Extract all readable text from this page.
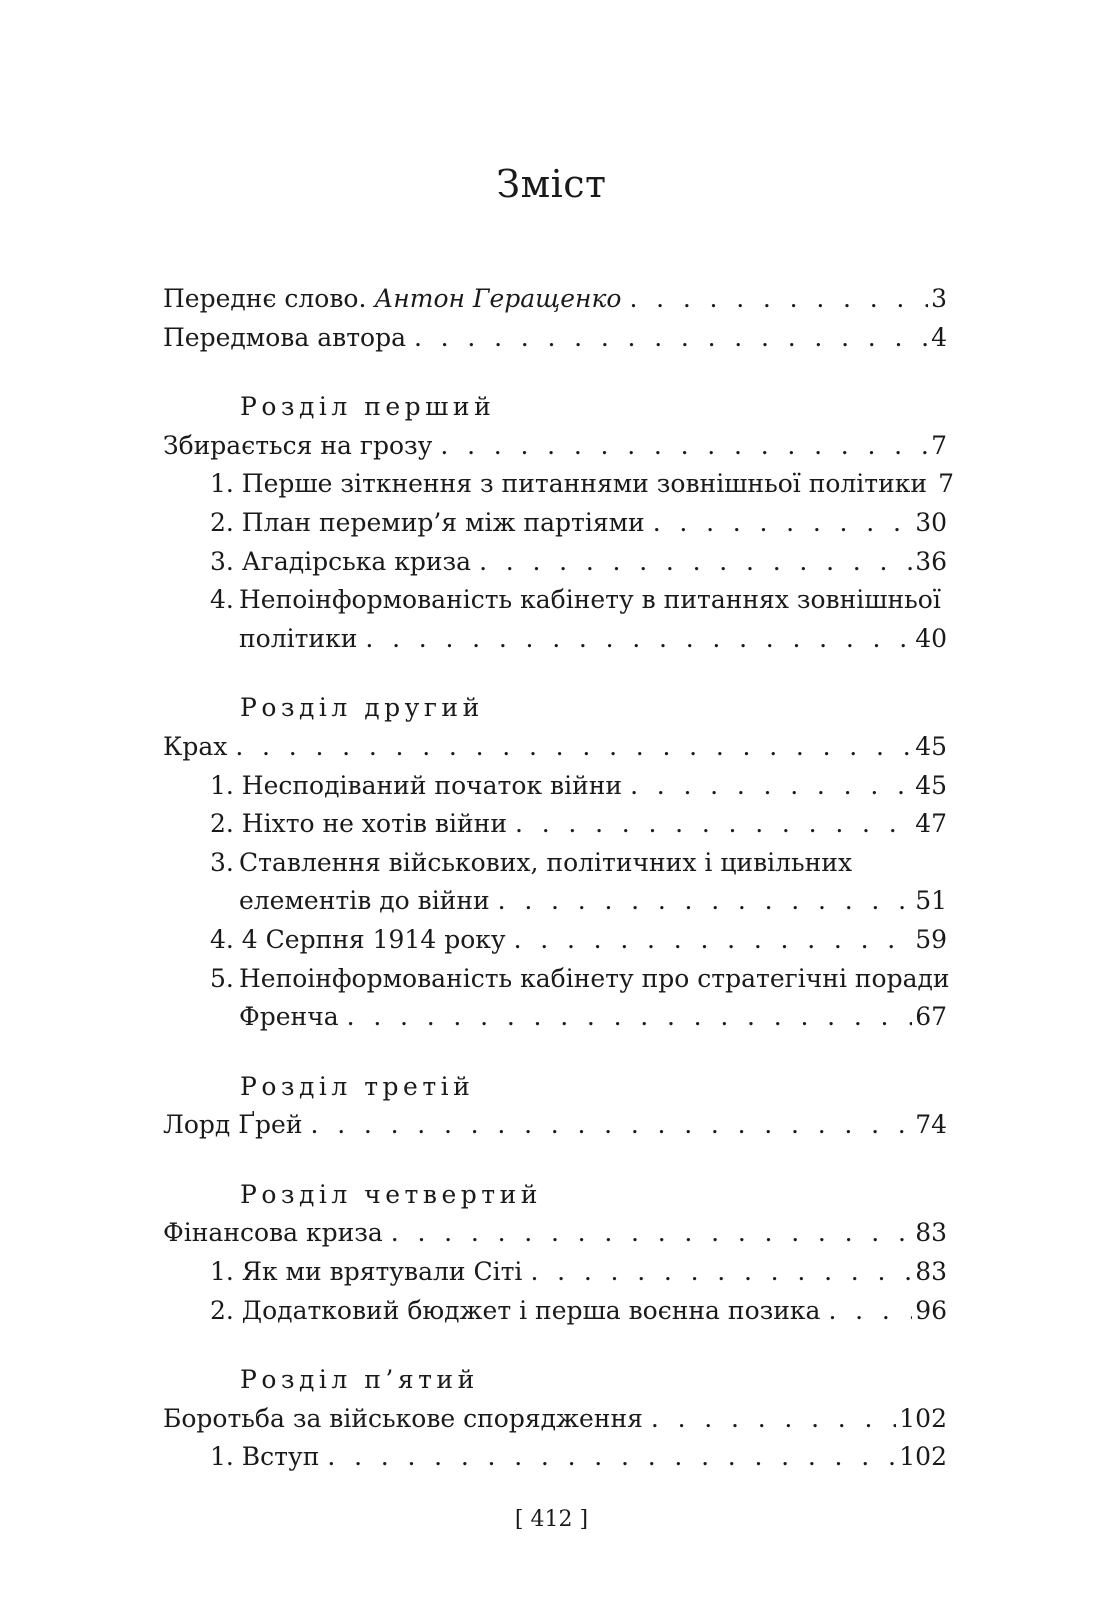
Зміст
Переднє слово. Антон Геращенко . . .	3
Передмова автора . . .	4
Розділ перший
Збирається на грозу . . .	7
1. Перше зіткнення з питаннями зовнішньої політики 7
2. План перемир’я між партіями . . .	30
3. Агадірська криза . . .	36
4. Непоінформованість кабінету в питаннях зовнішньої
політики . . .	40
Розділ другий
Крах . . .	45
1. Несподіваний початок війни . . .	45
2. Ніхто не хотів війни . . .	47
3. Ставлення військових, політичних і цивільних
елементів до війни . . .	51
4. 4 Серпня 1914 року . . .	59
5. Непоінформованість кабінету про стратегічні поради
Френча . . .	67
Розділ третій
Лорд Ґрей . . .	74
Розділ четвертий
Фінансова криза . . .	83
1. Як ми врятували Сіті . . .	83
2. Додатковий бюджет і перша воєнна позика . . .	96
Розділ п’ятий
Боротьба за військове спорядження . . .	102
1. Вступ . . .	102
[ 412 ]
